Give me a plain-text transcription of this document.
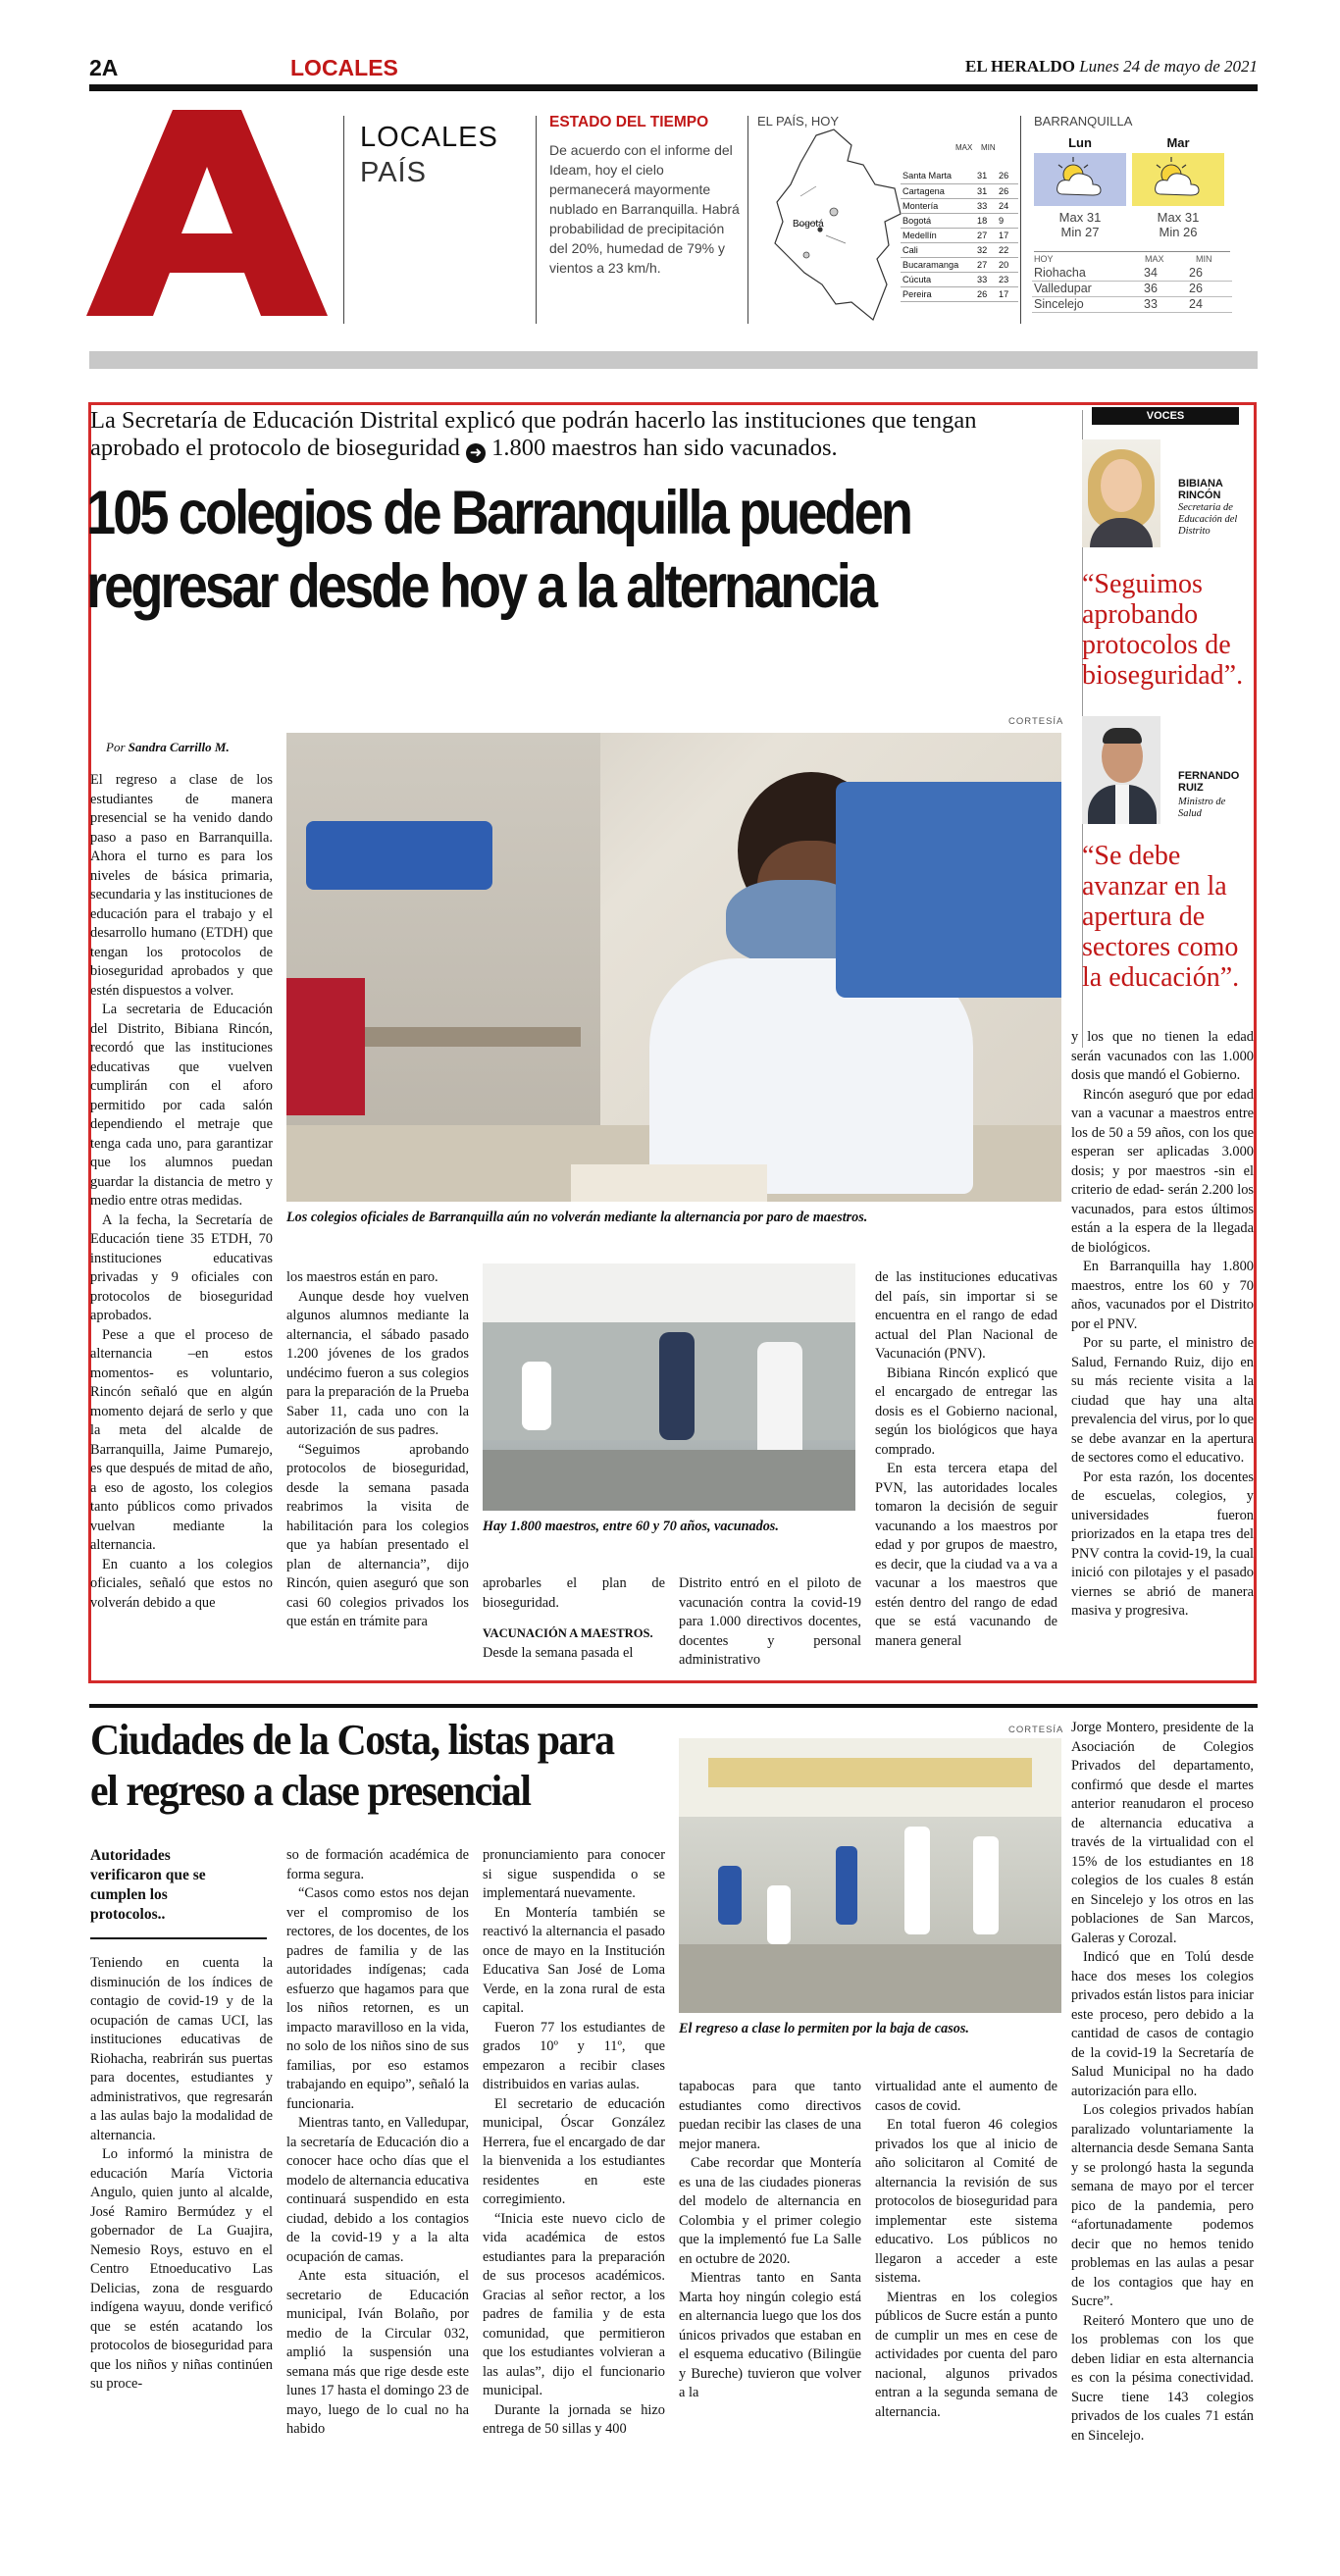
2A	LOCALES	EL HERALDO Lunes 24 de mayo de 2021
LOCALES
PAÍS
ESTADO DEL TIEMPO
De acuerdo con el informe del Ideam, hoy el cielo permanecerá mayormente nublado en Barranquilla. Habrá probabilidad de precipitación del 20%, humedad de 79% y vientos a 23 km/h.
EL PAÍS, HOY
Bogotá
MAX MIN
Santa Marta	31	26
Cartagena	31	26
Montería	33	24
Bogotá	18	9
Medellín	27	17
Cali	32	22
Bucaramanga	27	20
Cúcuta	33	23
Pereira	26	17
BARRANQUILLA
Lun
Max 31
Min 27
Mar
Max 31
Min 26
HOY	MAX	MIN
Riohacha	34	26
Valledupar	36	26
Sincelejo	33	24
La Secretaría de Educación Distrital explicó que podrán hacerlo las instituciones que tengan aprobado el protocolo de bioseguridad ➜ 1.800 maestros han sido vacunados.
105 colegios de Barranquilla pueden
regresar desde hoy a la alternancia
VOCES
BIBIANA RINCÓN
Secretaria de Educación del Distrito
“Seguimos aprobando protocolos de bioseguridad”.
FERNANDO RUIZ
Ministro de Salud
“Se debe avanzar en la apertura de sectores como la educación”.
CORTESÍA
Los colegios oficiales de Barranquilla aún no volverán mediante la alternancia por paro de maestros.
Por Sandra Carrillo M.

El regreso a clase de los estudiantes de manera presencial se ha venido dando paso a paso en Barranquilla. Ahora el turno es para los niveles de básica primaria, secundaria y las instituciones de educación para el trabajo y el desarrollo humano (ETDH) que tengan los protocolos de bioseguridad aprobados y que estén dispuestos a volver.

La secretaria de Educación del Distrito, Bibiana Rincón, recordó que las instituciones educativas que vuelven cumplirán con el aforo permitido por cada salón dependiendo el metraje que tenga cada uno, para garantizar que los alumnos puedan guardar la distancia de metro y medio entre otras medidas.

A la fecha, la Secretaría de Educación tiene 35 ETDH, 70 instituciones educativas privadas y 9 oficiales con protocolos de bioseguridad aprobados.

Pese a que el proceso de alternancia –en estos momentos- es voluntario, Rincón señaló que en algún momento dejará de serlo y que la meta del alcalde de Barranquilla, Jaime Pumarejo, es que después de mitad de año, a eso de agosto, los colegios tanto públicos como privados vuelvan mediante la alternancia.

En cuanto a los colegios oficiales, señaló que estos no volverán debido a que

los maestros están en paro.

Aunque desde hoy vuelven algunos alumnos mediante la alternancia, el sábado pasado 1.200 jóvenes de los grados undécimo fueron a sus colegios para la preparación de la Prueba Saber 11, cada uno con la autorización de sus padres.

“Seguimos aprobando protocolos de bioseguridad, desde la semana pasada reabrimos la visita de habilitación para los colegios que ya habían presentado el plan de alternancia”, dijo Rincón, quien aseguró que son casi 60 colegios privados los que están en trámite para

Hay 1.800 maestros, entre 60 y 70 años, vacunados.

aprobarles el plan de bioseguridad.

VACUNACIÓN A MAESTROS.
Desde la semana pasada el

Distrito entró en el piloto de vacunación contra la covid-19 para 1.000 directivos docentes, docentes y personal administrativo

de las instituciones educativas del país, sin importar si se encuentra en el rango de edad actual del Plan Nacional de Vacunación (PNV).

Bibiana Rincón explicó que el encargado de entregar las dosis es el Gobierno nacional, según los biológicos que haya comprado.

En esta tercera etapa del PVN, las autoridades locales tomaron la decisión de seguir vacunando a los maestros por edad y por grupos de maestro, es decir, que la ciudad va a va a vacunar a los maestros que estén dentro del rango de edad que se está vacunando de manera general

y los que no tienen la edad serán vacunados con las 1.000 dosis que mandó el Gobierno.

Rincón aseguró que por edad van a vacunar a maestros entre los de 50 a 59 años, con los que esperan ser aplicadas 3.000 dosis; y por maestros -sin el criterio de edad- serán 2.200 los vacunados, para estos últimos están a la espera de la llegada de biológicos.

En Barranquilla hay 1.800 maestros, entre los 60 y 70 años, vacunados por el Distrito por el PNV.

Por su parte, el ministro de Salud, Fernando Ruiz, dijo en su más reciente visita a la ciudad que hay una alta prevalencia del virus, por lo que se debe avanzar en la apertura de sectores como el educativo.

Por esta razón, los docentes de escuelas, colegios, y universidades fueron priorizados en la etapa tres del PNV contra la covid-19, la cual inició con pilotajes y el pasado viernes se abrió de manera masiva y progresiva.

Ciudades de la Costa, listas para
el regreso a clase presencial
Autoridades verificaron que se cumplen los protocolos..

Teniendo en cuenta la disminución de los índices de contagio de covid-19 y de la ocupación de camas UCI, las instituciones educativas de Riohacha, reabrirán sus puertas para docentes, estudiantes y administrativos, que regresarán a las aulas bajo la modalidad de alternancia.

Lo informó la ministra de educación María Victoria Angulo, quien junto al alcalde, José Ramiro Bermúdez y el gobernador de La Guajira, Nemesio Roys, estuvo en el Centro Etnoeducativo Las Delicias, zona de resguardo indígena wayuu, donde verificó que se estén acatando los protocolos de bioseguridad para que los niños y niñas continúen su proce-

so de formación académica de forma segura.

“Casos como estos nos dejan ver el compromiso de los rectores, de los docentes, de los padres de familia y de las autoridades indígenas; cada esfuerzo que hagamos para que los niños retornen, es un impacto maravilloso en la vida, no solo de los niños sino de sus familias, por eso estamos trabajando en equipo”, señaló la funcionaria.

Mientras tanto, en Valledupar, la secretaría de Educación dio a conocer hace ocho días que el modelo de alternancia educativa continuará suspendido en esta ciudad, debido a los contagios de la covid-19 y a la alta ocupación de camas.

Ante esta situación, el secretario de Educación municipal, Iván Bolaño, por medio de la Circular 032, amplió la suspensión una semana más que rige desde este lunes 17 hasta el domingo 23 de mayo, luego de lo cual no ha habido

pronunciamiento para conocer si sigue suspendida o se implementará nuevamente.

En Montería también se reactivó la alternancia el pasado once de mayo en la Institución Educativa San José de Loma Verde, en la zona rural de esta capital.

Fueron 77 los estudiantes de grados 10º y 11º, que empezaron a recibir clases distribuidos en varias aulas.

El secretario de educación municipal, Óscar González Herrera, fue el encargado de dar la bienvenida a los estudiantes residentes en este corregimiento.

“Inicia este nuevo ciclo de vida académica de estos estudiantes para la preparación de sus procesos académicos. Gracias al señor rector, a los padres de familia y de esta comunidad, que permitieron que los estudiantes volvieran a las aulas”, dijo el funcionario municipal.

Durante la jornada se hizo entrega de 50 sillas y 400

CORTESÍA
El regreso a clase lo permiten por la baja de casos.

tapabocas para que tanto estudiantes como directivos puedan recibir las clases de una mejor manera.

Cabe recordar que Montería es una de las ciudades pioneras del modelo de alternancia en Colombia y el primer colegio que la implementó fue La Salle en octubre de 2020.

Mientras tanto en Santa Marta hoy ningún colegio está en alternancia luego que los dos únicos privados que estaban en el esquema educativo (Bilingüe y Bureche) tuvieron que volver a la

virtualidad ante el aumento de casos de covid.

En total fueron 46 colegios privados los que al inicio de año solicitaron al Comité de alternancia la revisión de sus protocolos de bioseguridad para implementar este sistema educativo. Los públicos no llegaron a acceder a este sistema.

Mientras en los colegios públicos de Sucre están a punto de cumplir un mes en cese de actividades por cuenta del paro nacional, algunos privados entran a la segunda semana de alternancia.

Jorge Montero, presidente de la Asociación de Colegios Privados del departamento, confirmó que desde el martes anterior reanudaron el proceso de alternancia educativa a través de la virtualidad con el 15% de los estudiantes en 18 colegios de los cuales 8 están en Sincelejo y los otros en las poblaciones de San Marcos, Galeras y Corozal.

Indicó que en Tolú desde hace dos meses los colegios privados están listos para iniciar este proceso, pero debido a la cantidad de casos de contagio de la covid-19 la Secretaría de Salud Municipal no ha dado autorización para ello.

Los colegios privados habían paralizado voluntariamente la alternancia desde Semana Santa y se prolongó hasta la segunda semana de mayo por el tercer pico de la pandemia, pero “afortunadamente podemos decir que no hemos tenido problemas en las aulas a pesar de los contagios que hay en Sucre”.

Reiteró Montero que uno de los problemas con los que deben lidiar en esta alternancia es con la pésima conectividad. Sucre tiene 143 colegios privados de los cuales 71 están en Sincelejo.
